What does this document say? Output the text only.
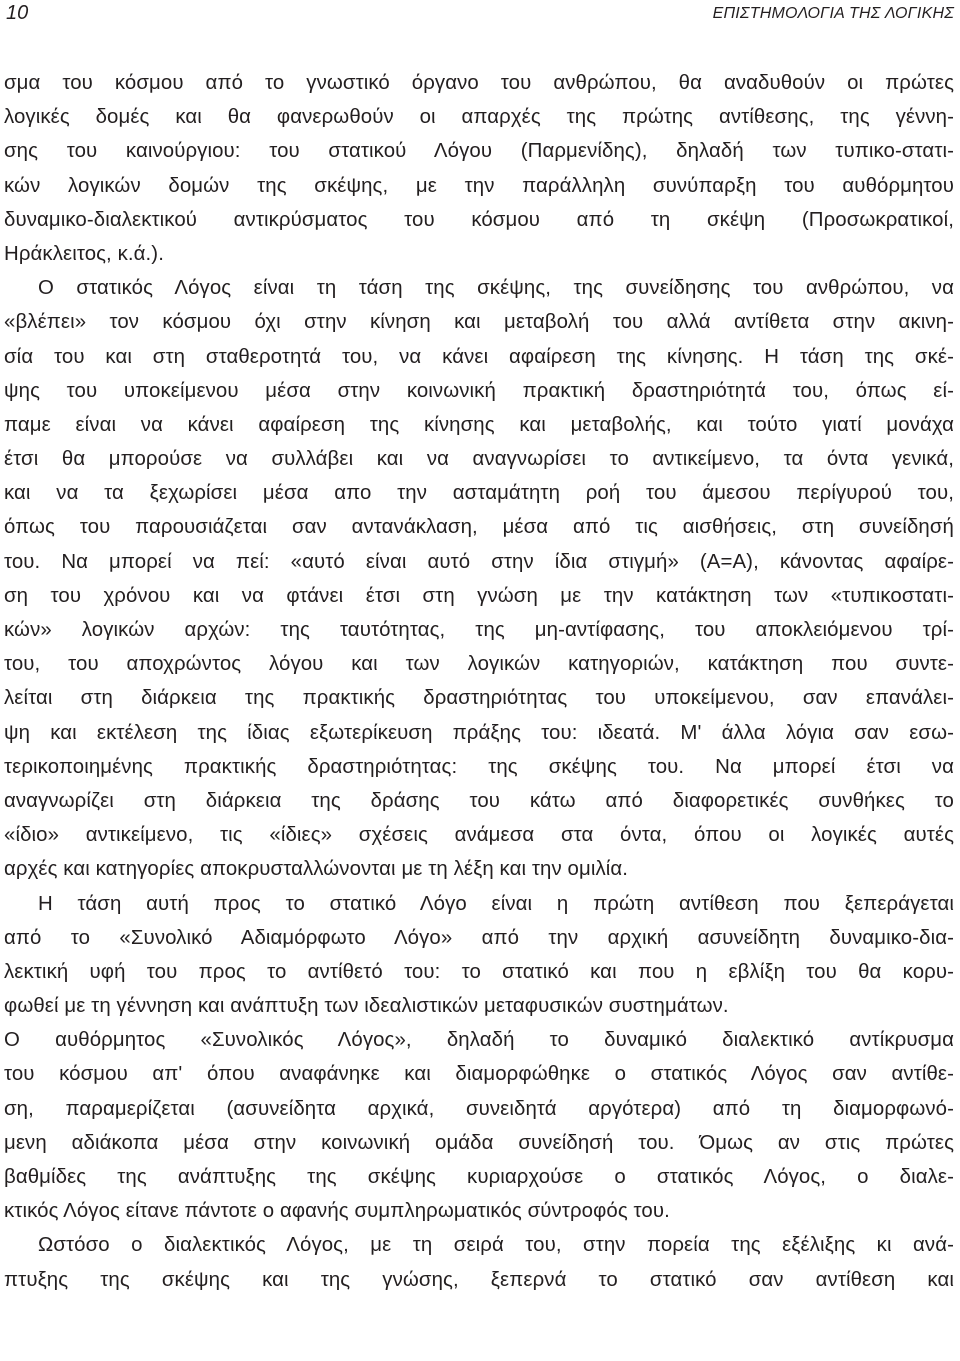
10	ΕΠΙΣΤΗΜΟΛΟΓΙΑ ΤΗΣ ΛΟΓΙΚΗΣ
σμα του κόσμου από το γνωστικό όργανο του ανθρώπου, θα αναδυθούν οι πρώτες
λογικές δομές και θα φανερωθούν οι απαρχές της πρώτης αντίθεσης, της γέννη-
σης του καινούργιου: του στατικού Λόγου (Παρμενίδης), δηλαδή των τυπικο-στατι-
κών λογικών δομών της σκέψης, με την παράλληλη συνύπαρξη του αυθόρμητου
δυναμικο-διαλεκτικού αντικρύσματος του κόσμου από τη σκέψη (Προσωκρατικοί,
Ηράκλειτος, κ.ά.).
Ο στατικός Λόγος είναι τη τάση της σκέψης, της συνείδησης του ανθρώπου, να
«βλέπει» τον κόσμου όχι στην κίνηση και μεταβολή του αλλά αντίθετα στην ακινη-
σία του και στη σταθεροτητά του, να κάνει αφαίρεση της κίνησης. Η τάση της σκέ-
ψης του υποκείμενου μέσα στην κοινωνική πρακτική δραστηριότητά του, όπως εί-
παμε είναι να κάνει αφαίρεση της κίνησης και μεταβολής, και τούτο γιατί μονάχα
έτσι θα μπορούσε να συλλάβει και να αναγνωρίσει το αντικείμενο, τα όντα γενικά,
και να τα ξεχωρίσει μέσα απο την ασταμάτητη ροή του άμεσου περίγυρού του,
όπως του παρουσιάζεται σαν αντανάκλαση, μέσα από τις αισθήσεις, στη συνείδησή
του. Να μπορεί να πεί: «αυτό είναι αυτό στην ίδια στιγμή» (Α=Α), κάνοντας αφαίρε-
ση του χρόνου και να φτάνει έτσι στη γνώση με την κατάκτηση των «τυπικοστατι-
κών» λογικών αρχών: της ταυτότητας, της μη-αντίφασης, του αποκλειόμενου τρί-
του, του αποχρώντος λόγου και των λογικών κατηγοριών, κατάκτηση που συντε-
λείται στη διάρκεια της πρακτικής δραστηριότητας του υποκείμενου, σαν επανάλει-
ψη και εκτέλεση της ίδιας εξωτερίκευση πράξης του: ιδεατά. Μ' άλλα λόγια σαν εσω-
τερικοποιημένης πρακτικής δραστηριότητας: της σκέψης του. Να μπορεί έτσι να
αναγνωρίζει στη διάρκεια της δράσης του κάτω από διαφορετικές συνθήκες το
«ίδιο» αντικείμενο, τις «ίδιες» σχέσεις ανάμεσα στα όντα, όπου οι λογικές αυτές
αρχές και κατηγορίες αποκρυσταλλώνονται με τη λέξη και την ομιλία.
Η τάση αυτή προς το στατικό Λόγο είναι η πρώτη αντίθεση που ξεπεράγεται
από το «Συνολικό Αδιαμόρφωτο Λόγο» από την αρχική ασυνείδητη δυναμικο-δια-
λεκτική υφή του προς το αντίθετό του: το στατικό και που η εβλίξη του θα κορυ-
φωθεί με τη γέννηση και ανάπτυξη των ιδεαλιστικών μεταφυσικών συστημάτων.
Ο αυθόρμητος «Συνολικός Λόγος», δηλαδή το δυναμικό διαλεκτικό αντίκρυσμα
του κόσμου απ' όπου αναφάνηκε και διαμορφώθηκε ο στατικός Λόγος σαν αντίθε-
ση, παραμερίζεται (ασυνείδητα αρχικά, συνειδητά αργότερα) από τη διαμορφωνό-
μενη αδιάκοπα μέσα στην κοινωνική ομάδα συνείδησή του. Όμως αν στις πρώτες
βαθμίδες της ανάπτυξης της σκέψης κυριαρχούσε ο στατικός Λόγος, ο διαλε-
κτικός Λόγος είτανε πάντοτε ο αφανής συμπληρωματικός σύντροφός του.
Ωστόσο ο διαλεκτικός Λόγος, με τη σειρά του, στην πορεία της εξέλιξης κι ανά-
πτυξης της σκέψης και της γνώσης, ξεπερνά το στατικό σαν αντίθεση και
